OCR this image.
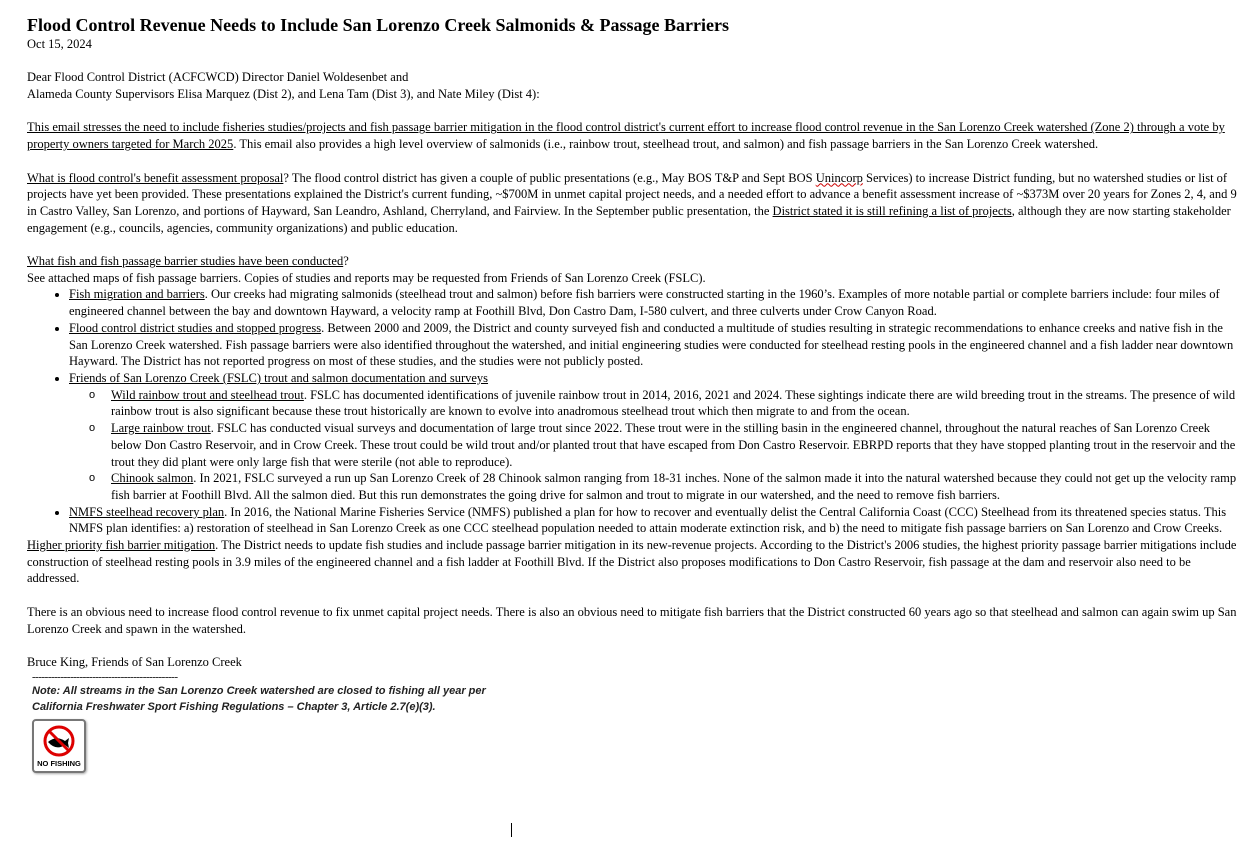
Flood Control Revenue Needs to Include San Lorenzo Creek Salmonids & Passage Barriers

Oct 15, 2024

Dear Flood Control District (ACFCWCD) Director Daniel Woldesenbet and

Alameda County Supervisors Elisa Marquez (Dist 2), and Lena Tam (Dist 3), and Nate Miley (Dist 4):

This email stresses the need to include fisheries studies/projects and fish passage barrier mitigation in the flood control district's current effort to increase flood control revenue in the San Lorenzo Creek watershed (Zone 2) through a vote by property owners targeted for March 2025. This email also provides a high level overview of salmonids (i.e., rainbow trout, steelhead trout, and salmon) and fish passage barriers in the San Lorenzo Creek watershed.

What is flood control's benefit assessment proposal? The flood control district has given a couple of public presentations (e.g., May BOS T&P and Sept BOS Unincorp Services) to increase District funding, but no watershed studies or list of projects have yet been provided. These presentations explained the District's current funding, ~$700M in unmet capital project needs, and a needed effort to advance a benefit assessment increase of ~$373M over 20 years for Zones 2, 4, and 9 in Castro Valley, San Lorenzo, and portions of Hayward, San Leandro, Ashland, Cherryland, and Fairview. In the September public presentation, the District stated it is still refining a list of projects, although they are now starting stakeholder engagement (e.g., councils, agencies, community organizations) and public education.

What fish and fish passage barrier studies have been conducted?

See attached maps of fish passage barriers. Copies of studies and reports may be requested from Friends of San Lorenzo Creek (FSLC).

• Fish migration and barriers. Our creeks had migrating salmonids (steelhead trout and salmon) before fish barriers were constructed starting in the 1960’s. Examples of more notable partial or complete barriers include: four miles of engineered channel between the bay and downtown Hayward, a velocity ramp at Foothill Blvd, Don Castro Dam, I-580 culvert, and three culverts under Crow Canyon Road.
• Flood control district studies and stopped progress. Between 2000 and 2009, the District and county surveyed fish and conducted a multitude of studies resulting in strategic recommendations to enhance creeks and native fish in the San Lorenzo Creek watershed. Fish passage barriers were also identified throughout the watershed, and initial engineering studies were conducted for steelhead resting pools in the engineered channel and a fish ladder near downtown Hayward. The District has not reported progress on most of these studies, and the studies were not publicly posted.
• Friends of San Lorenzo Creek (FSLC) trout and salmon documentation and surveys
o Wild rainbow trout and steelhead trout. FSLC has documented identifications of juvenile rainbow trout in 2014, 2016, 2021 and 2024. These sightings indicate there are wild breeding trout in the streams. The presence of wild rainbow trout is also significant because these trout historically are known to evolve into anadromous steelhead trout which then migrate to and from the ocean.
o Large rainbow trout. FSLC has conducted visual surveys and documentation of large trout since 2022. These trout were in the stilling basin in the engineered channel, throughout the natural reaches of San Lorenzo Creek below Don Castro Reservoir, and in Crow Creek. These trout could be wild trout and/or planted trout that have escaped from Don Castro Reservoir. EBRPD reports that they have stopped planting trout in the reservoir and the trout they did plant were only large fish that were sterile (not able to reproduce).
o Chinook salmon. In 2021, FSLC surveyed a run up San Lorenzo Creek of 28 Chinook salmon ranging from 18-31 inches. None of the salmon made it into the natural watershed because they could not get up the velocity ramp fish barrier at Foothill Blvd. All the salmon died. But this run demonstrates the going drive for salmon and trout to migrate in our watershed, and the need to remove fish barriers.
• NMFS steelhead recovery plan. In 2016, the National Marine Fisheries Service (NMFS) published a plan for how to recover and eventually delist the Central California Coast (CCC) Steelhead from its threatened species status. This NMFS plan identifies: a) restoration of steelhead in San Lorenzo Creek as one CCC steelhead population needed to attain moderate extinction risk, and b) the need to mitigate fish passage barriers on San Lorenzo and Crow Creeks.

Higher priority fish barrier mitigation. The District needs to update fish studies and include passage barrier mitigation in its new-revenue projects. According to the District's 2006 studies, the highest priority passage barrier mitigations include construction of steelhead resting pools in 3.9 miles of the engineered channel and a fish ladder at Foothill Blvd. If the District also proposes modifications to Don Castro Reservoir, fish passage at the dam and reservoir also need to be addressed.

There is an obvious need to increase flood control revenue to fix unmet capital project needs. There is also an obvious need to mitigate fish barriers that the District constructed 60 years ago so that steelhead and salmon can again swim up San Lorenzo Creek and spawn in the watershed.

Bruce King, Friends of San Lorenzo Creek

----------------------------------------------

Note: All streams in the San Lorenzo Creek watershed are closed to fishing all year per

California Freshwater Sport Fishing Regulations – Chapter 3, Article 2.7(e)(3).

NO FISHING
